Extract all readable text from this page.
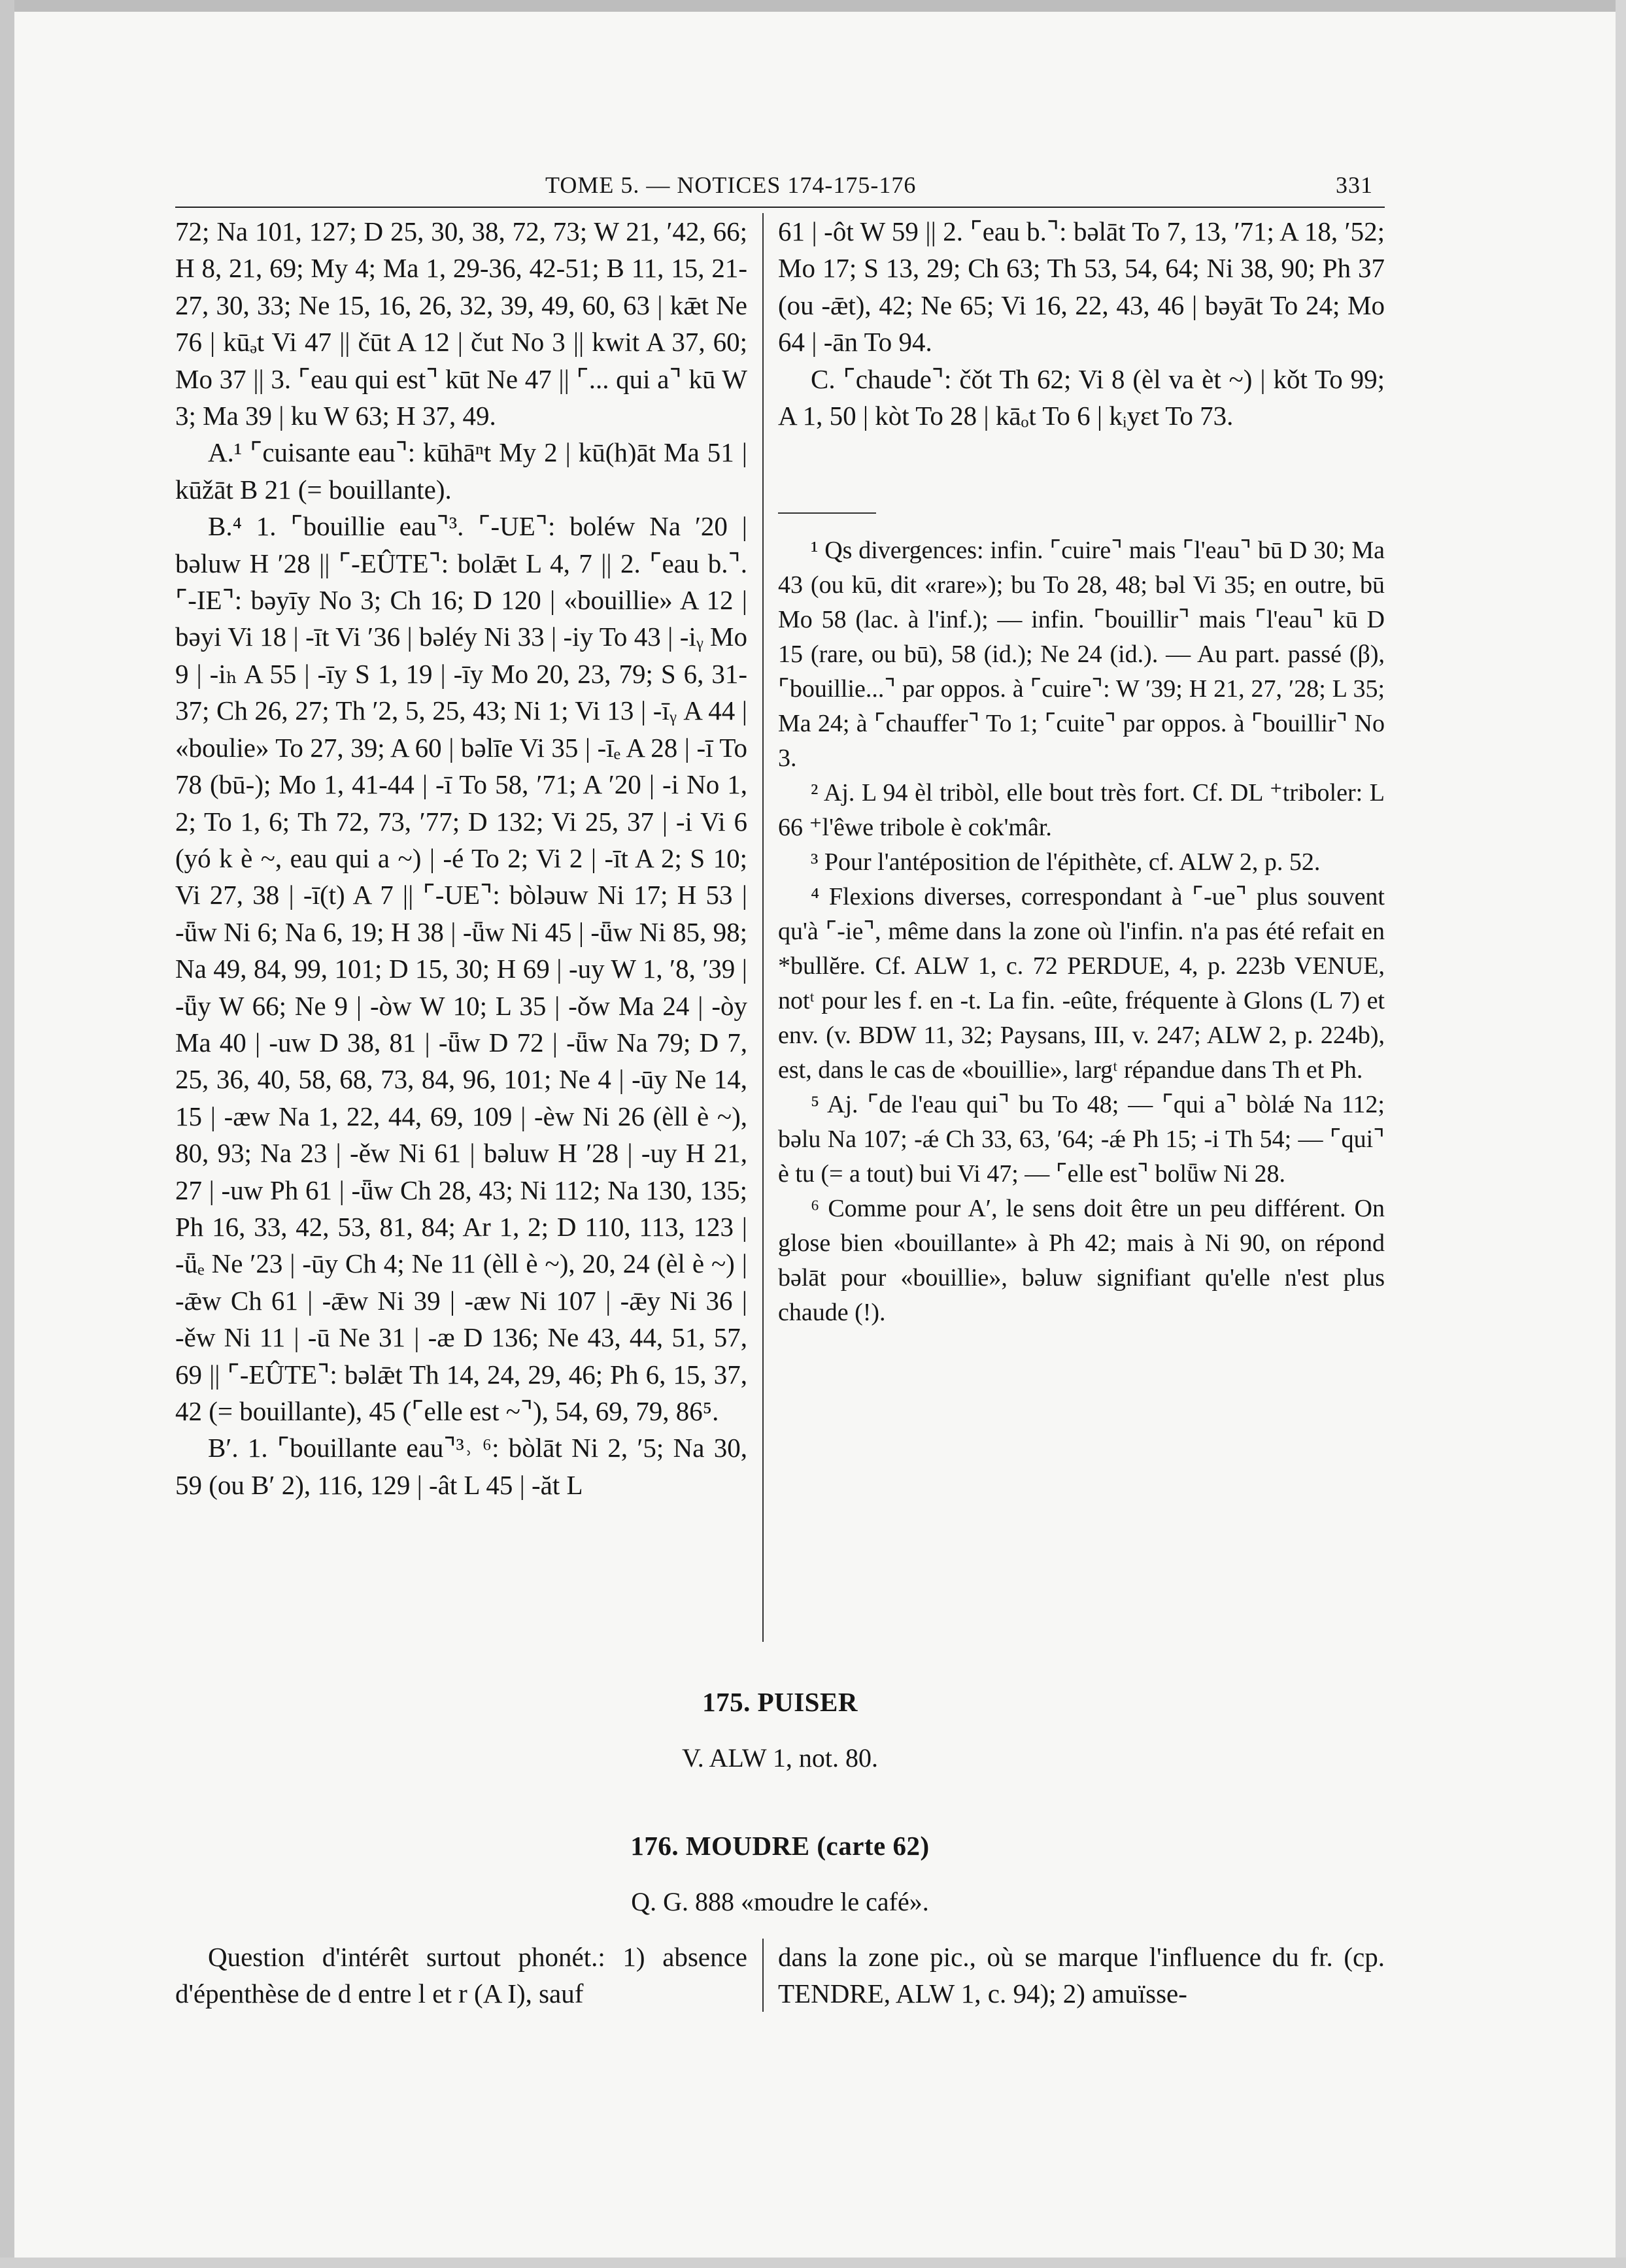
TOME 5. — NOTICES 174-175-176	331

72; Na 101, 127; D 25, 30, 38, 72, 73; W 21, ′42, 66; H 8, 21, 69; My 4; Ma 1, 29-36, 42-51; B 11, 15, 21-27, 30, 33; Ne 15, 16, 26, 32, 39, 49, 60, 63 | kǣt Ne 76 | kūₔt Vi 47 || čūt A 12 | čut No 3 || kwit A 37, 60; Mo 37 || 3. ⌜eau qui est⌝ kūt Ne 47 || ⌜... qui a⌝ kū W 3; Ma 39 | ku W 63; H 37, 49.

A.¹ ⌜cuisante eau⌝: kūhāⁿt My 2 | kū(h)āt Ma 51 | kūžāt B 21 (= bouillante).

B.⁴ 1. ⌜bouillie eau⌝³. ⌜-UE⌝: boléw Na ′20 | bəluw H ′28 || ⌜-EÛTE⌝: bolǣt L 4, 7 || 2. ⌜eau b.⌝. ⌜-IE⌝: bəyīy No 3; Ch 16; D 120 | «bouillie» A 12 | bəyi Vi 18 | -īt Vi ′36 | bəléy Ni 33 | -iy To 43 | -iᵧ Mo 9 | -iₕ A 55 | -īy S 1, 19 | -īy Mo 20, 23, 79; S 6, 31-37; Ch 26, 27; Th ′2, 5, 25, 43; Ni 1; Vi 13 | -īᵧ A 44 | «boulie» To 27, 39; A 60 | bəlīe Vi 35 | -īₑ A 28 | -ī To 78 (bū-); Mo 1, 41-44 | -ī To 58, ′71; A ′20 | -i No 1, 2; To 1, 6; Th 72, 73, ′77; D 132; Vi 25, 37 | -i Vi 6 (yó k è ~, eau qui a ~) | -é To 2; Vi 2 | -īt A 2; S 10; Vi 27, 38 | -ī(t) A 7 || ⌜-UE⌝: bòləuw Ni 17; H 53 | -ǖw Ni 6; Na 6, 19; H 38 | -ǖw Ni 45 | -ǖw Ni 85, 98; Na 49, 84, 99, 101; D 15, 30; H 69 | -uy W 1, ′8, ′39 | -ǖy W 66; Ne 9 | -òw W 10; L 35 | -ǒw Ma 24 | -òy Ma 40 | -uw D 38, 81 | -ǖw D 72 | -ǖw Na 79; D 7, 25, 36, 40, 58, 68, 73, 84, 96, 101; Ne 4 | -ūy Ne 14, 15 | -æw Na 1, 22, 44, 69, 109 | -èw Ni 26 (èll è ~), 80, 93; Na 23 | -ěw Ni 61 | bəluw H ′28 | -uy H 21, 27 | -uw Ph 61 | -ǖw Ch 28, 43; Ni 112; Na 130, 135; Ph 16, 33, 42, 53, 81, 84; Ar 1, 2; D 110, 113, 123 | -ǖₑ Ne ′23 | -ūy Ch 4; Ne 11 (èll è ~), 20, 24 (èl è ~) | -ǣw Ch 61 | -ǣw Ni 39 | -æw Ni 107 | -ǣy Ni 36 | -ěw Ni 11 | -ū Ne 31 | -æ D 136; Ne 43, 44, 51, 57, 69 || ⌜-EÛTE⌝: bəlǣt Th 14, 24, 29, 46; Ph 6, 15, 37, 42 (= bouillante), 45 (⌜elle est ~⌝), 54, 69, 79, 86⁵.

B′. 1. ⌜bouillante eau⌝³˒ ⁶: bòlāt Ni 2, ′5; Na 30, 59 (ou B′ 2), 116, 129 | -ât L 45 | -ăt L

61 | -ôt W 59 || 2. ⌜eau b.⌝: bəlāt To 7, 13, ′71; A 18, ′52; Mo 17; S 13, 29; Ch 63; Th 53, 54, 64; Ni 38, 90; Ph 37 (ou -ǣt), 42; Ne 65; Vi 16, 22, 43, 46 | bəyāt To 24; Mo 64 | -ān To 94.

C. ⌜chaude⌝: čǒt Th 62; Vi 8 (èl va èt ~) | kǒt To 99; A 1, 50 | kòt To 28 | kāₒt To 6 | kᵢyεt To 73.

¹ Qs divergences: infin. ⌜cuire⌝ mais ⌜l'eau⌝ bū D 30; Ma 43 (ou kū, dit «rare»); bu To 28, 48; bəl Vi 35; en outre, bū Mo 58 (lac. à l'inf.); — infin. ⌜bouillir⌝ mais ⌜l'eau⌝ kū D 15 (rare, ou bū), 58 (id.); Ne 24 (id.). — Au part. passé (β), ⌜bouillie...⌝ par oppos. à ⌜cuire⌝: W ′39; H 21, 27, ′28; L 35; Ma 24; à ⌜chauffer⌝ To 1; ⌜cuite⌝ par oppos. à ⌜bouillir⌝ No 3.

² Aj. L 94 èl tribòl, elle bout très fort. Cf. DL ⁺triboler: L 66 ⁺l'êwe tribole è cok'mâr.

³ Pour l'antéposition de l'épithète, cf. ALW 2, p. 52.

⁴ Flexions diverses, correspondant à ⌜-ue⌝ plus souvent qu'à ⌜-ie⌝, même dans la zone où l'infin. n'a pas été refait en *bullĕre. Cf. ALW 1, c. 72 PERDUE, 4, p. 223b VENUE, notᵗ pour les f. en -t. La fin. -eûte, fréquente à Glons (L 7) et env. (v. BDW 11, 32; Paysans, III, v. 247; ALW 2, p. 224b), est, dans le cas de «bouillie», largᵗ répandue dans Th et Ph.

⁵ Aj. ⌜de l'eau qui⌝ bu To 48; — ⌜qui a⌝ bòlǽ Na 112; bəlu Na 107; -ǽ Ch 33, 63, ′64; -ǽ Ph 15; -i Th 54; — ⌜qui⌝ è tu (= a tout) bui Vi 47; — ⌜elle est⌝ bolǖw Ni 28.

⁶ Comme pour A′, le sens doit être un peu différent. On glose bien «bouillante» à Ph 42; mais à Ni 90, on répond bəlāt pour «bouillie», bəluw signifiant qu'elle n'est plus chaude (!).

175. PUISER
V. ALW 1, not. 80.
176. MOUDRE (carte 62)
Q. G. 888 «moudre le café».

Question d'intérêt surtout phonét.: 1) absence d'épenthèse de d entre l et r (A I), sauf

dans la zone pic., où se marque l'influence du fr. (cp. TENDRE, ALW 1, c. 94); 2) amuïsse-
